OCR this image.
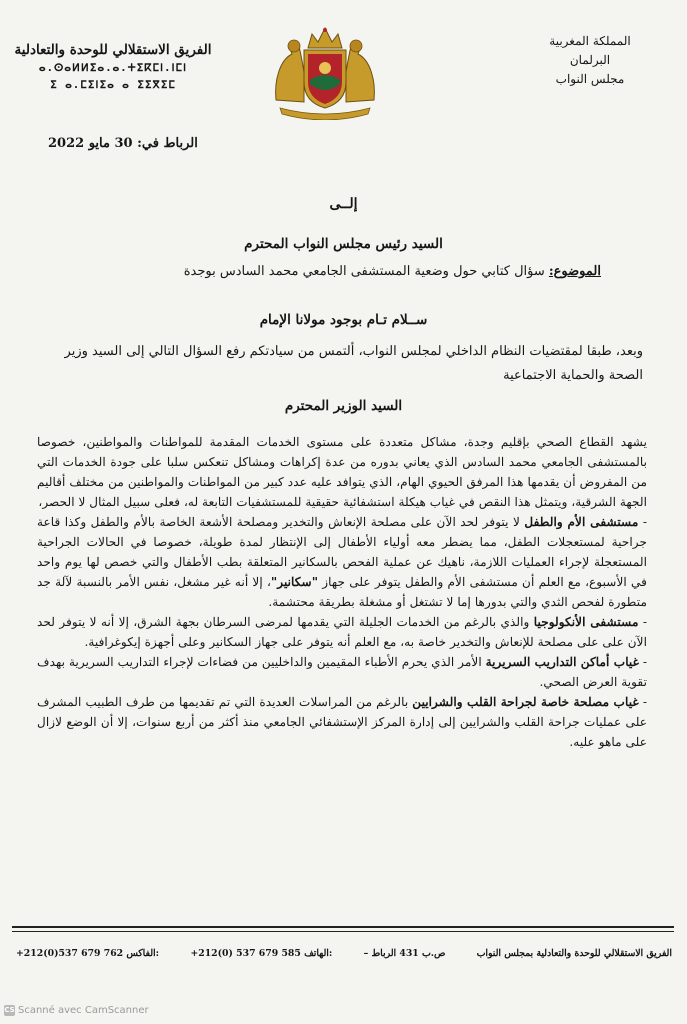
المملكة المغربية
البرلمان
مجلس النواب
الفريق الاستقلالي للوحدة والتعادلية
ⴰ.ⵙⴰⵍⵍⵉⴰ.ⴰ.ⵜⵉⴽⵎⵏ.ⵏⵎⵏ
ⵉ ⴰ.ⵎⵉⵏⵉⴰ ⴰ ⵉⵉⴳⵉⵎ
الرباط في: 30 مايو 2022
إلــى
السيد رئيس مجلس النواب المحترم
الموضوع: سؤال كتابي حول وضعية المستشفى الجامعي محمد السادس بوجدة
ســلام تـام بوجود مولانا الإمام
وبعد، طبقا لمقتضيات النظام الداخلي لمجلس النواب، ألتمس من سيادتكم رفع السؤال التالي إلى السيد وزير الصحة والحماية الاجتماعية
السيد الوزير المحترم

يشهد القطاع الصحي بإقليم وجدة، مشاكل متعددة على مستوى الخدمات المقدمة للمواطنات والمواطنين، خصوصا بالمستشفى الجامعي محمد السادس الذي يعاني بدوره من عدة إكراهات ومشاكل تنعكس سلبا على جودة الخدمات التي من المفروض أن يقدمها هذا المرفق الحيوي الهام، الذي يتوافد عليه عدد كبير من المواطنات والمواطنين من مختلف أقاليم الجهة الشرقية، ويتمثل هذا النقص في غياب هيكلة استشفائية حقيقية للمستشفيات التابعة له، فعلى سبيل المثال لا الحصر،

- مستشفى الأم والطفل لا يتوفر لحد الآن على مصلحة الإنعاش والتخدير ومصلحة الأشعة الخاصة بالأم والطفل وكذا قاعة جراحية لمستعجلات الطفل، مما يضطر معه أولياء الأطفال إلى الإنتظار لمدة طويلة، خصوصا في الحالات الجراحية المستعجلة لإجراء العمليات اللازمة، ناهيك عن عملية الفحص بالسكانير المتعلقة بطب الأطفال والتي خصص لها يوم واحد في الأسبوع، مع العلم أن مستشفى الأم والطفل يتوفر على جهاز "سكانير"، إلا أنه غير مشغل، نفس الأمر بالنسبة لآلة جد متطورة لفحص الثدي والتي بدورها إما لا تشتغل أو مشغلة بطريقة محتشمة.

- مستشفى الأنكولوجيا والذي بالرغم من الخدمات الجليلة التي يقدمها لمرضى السرطان بجهة الشرق، إلا أنه لا يتوفر لحد الآن على على مصلحة للإنعاش والتخدير خاصة به، مع العلم أنه يتوفر على جهاز السكانير وعلى أجهزة إيكوغرافية.

- غياب أماكن التداريب السريرية الأمر الذي يحرم الأطباء المقيمين والداخليين من فضاءات لإجراء التداريب السريرية بهدف تقوية العرض الصحي.

- غياب مصلحة خاصة لجراحة القلب والشرايين بالرغم من المراسلات العديدة التي تم تقديمها من طرف الطبيب المشرف على عمليات جراحة القلب والشرايين إلى إدارة المركز الإستشفائي الجامعي منذ أكثر من أربع سنوات، إلا أن الوضع لازال على ماهو عليه.

+212(0)537 679 762 الفاكس:	+212(0) 537 679 585 الهاتف:	ص.ب 431 الرباط –	الفريق الاستقلالي للوحدة والتعادلية بمجلس النواب
CS Scanné avec CamScanner
